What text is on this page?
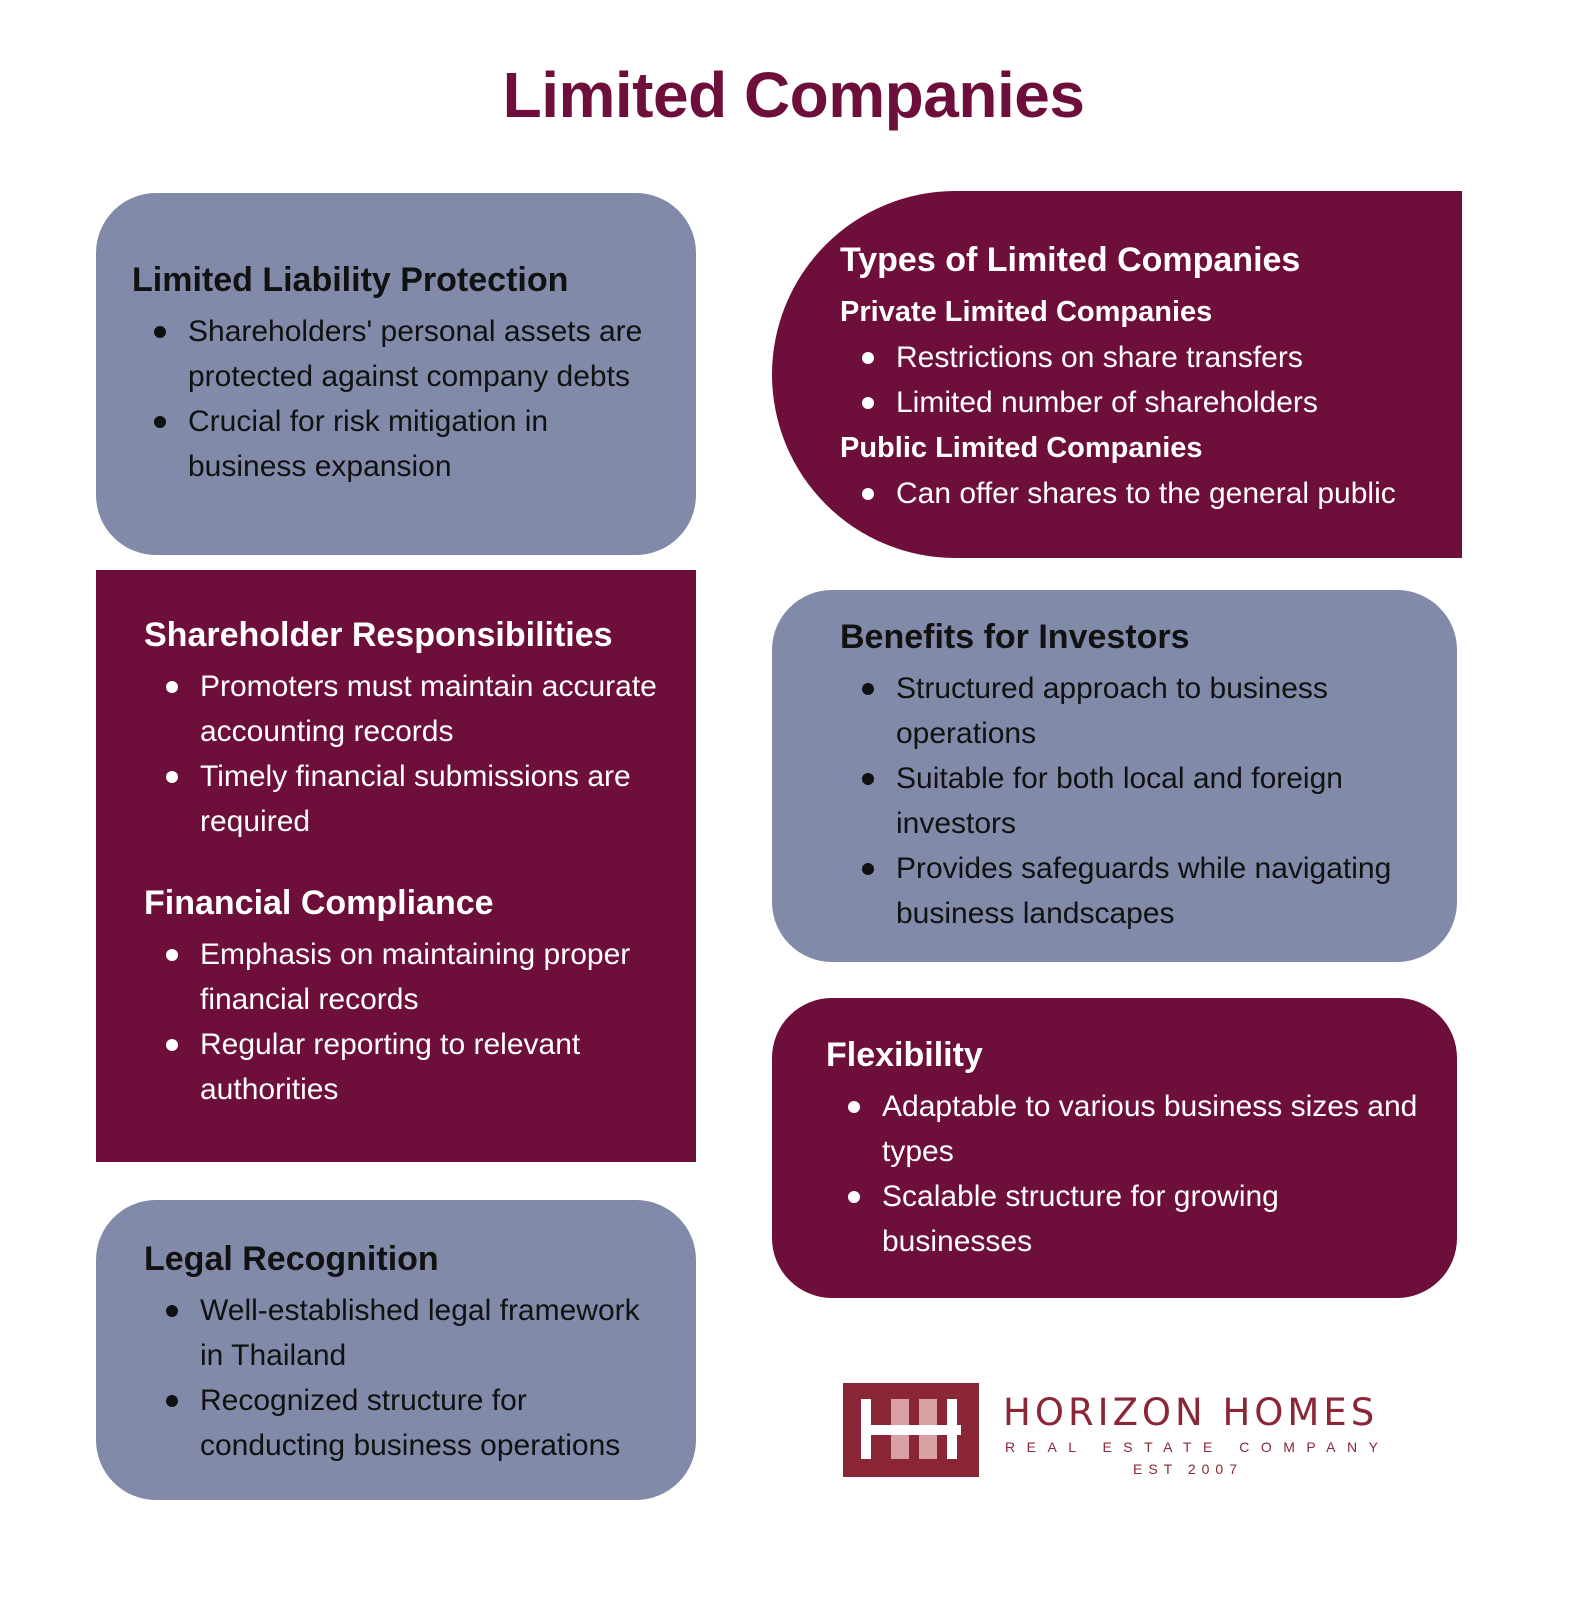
Limited Companies
Limited Liability Protection
Shareholders' personal assets are protected against company debts
Crucial for risk mitigation in business expansion
Types of Limited Companies
Private Limited Companies
Restrictions on share transfers
Limited number of shareholders
Public Limited Companies
Can offer shares to the general public
Shareholder Responsibilities
Promoters must maintain accurate accounting records
Timely financial submissions are required
Financial Compliance
Emphasis on maintaining proper financial records
Regular reporting to relevant authorities
Benefits for Investors
Structured approach to business operations
Suitable for both local and foreign investors
Provides safeguards while navigating business landscapes
Legal Recognition
Well-established legal framework in Thailand
Recognized structure for conducting business operations
Flexibility
Adaptable to various business sizes and types
Scalable structure for growing businesses
HORIZON HOMES
REAL ESTATE COMPANY
EST 2007
